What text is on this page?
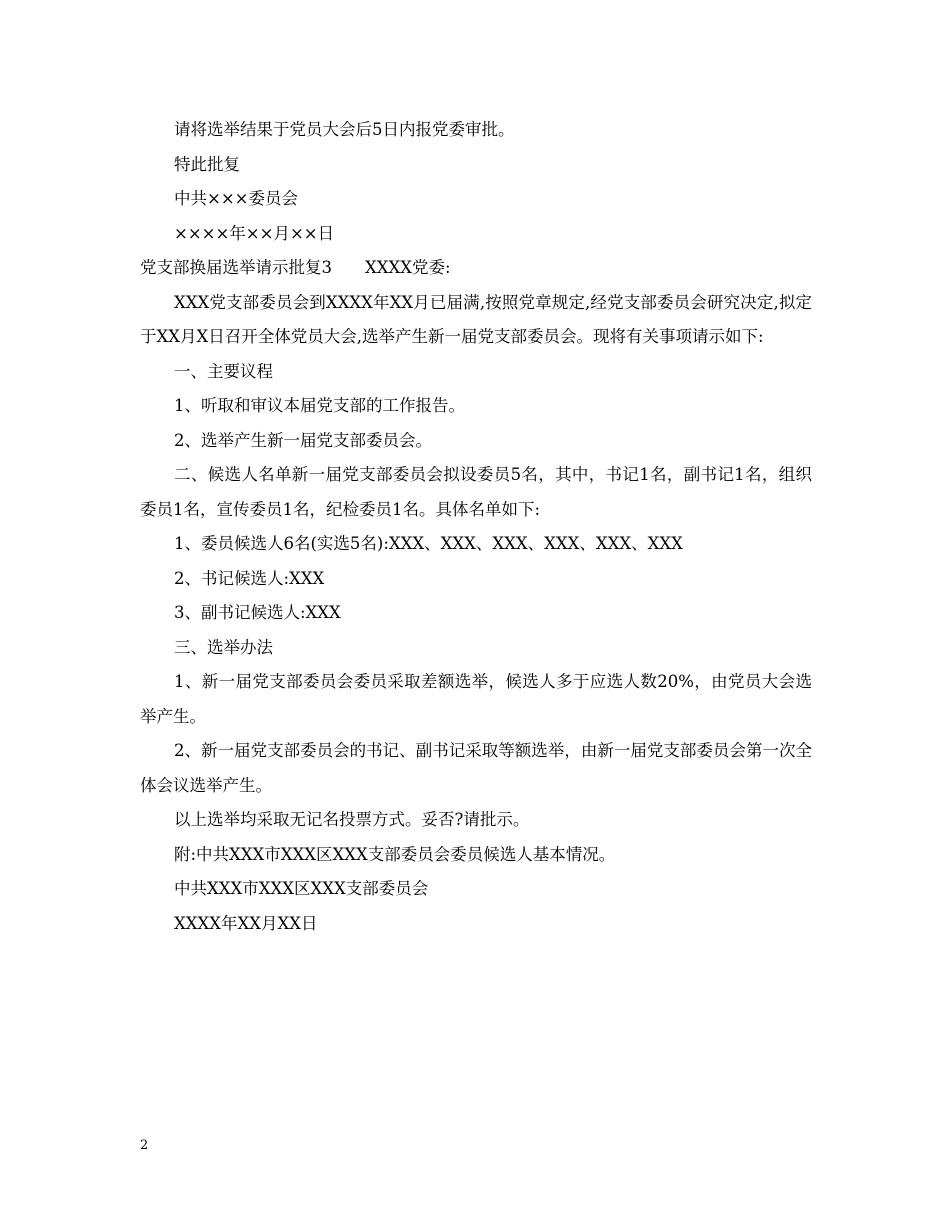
请将选举结果于党员大会后5日内报党委审批。

特此批复

中共×××委员会

××××年××月××日

党支部换届选举请示批复3　　XXXX党委:

XXX党支部委员会到XXXX年XX月已届满,按照党章规定,经党支部委员会研究决定,拟定于XX月X日召开全体党员大会,选举产生新一届党支部委员会。现将有关事项请示如下:

一、主要议程

1、听取和审议本届党支部的工作报告。

2、选举产生新一届党支部委员会。

二、候选人名单新一届党支部委员会拟设委员5名，其中，书记1名，副书记1名，组织委员1名，宣传委员1名，纪检委员1名。具体名单如下:

1、委员候选人6名(实选5名):XXX、XXX、XXX、XXX、XXX、XXX

2、书记候选人:XXX

3、副书记候选人:XXX

三、选举办法

1、新一届党支部委员会委员采取差额选举，候选人多于应选人数20%，由党员大会选举产生。

2、新一届党支部委员会的书记、副书记采取等额选举，由新一届党支部委员会第一次全体会议选举产生。

以上选举均采取无记名投票方式。妥否?请批示。

附:中共XXX市XXX区XXX支部委员会委员候选人基本情况。

中共XXX市XXX区XXX支部委员会

XXXX年XX月XX日

2
